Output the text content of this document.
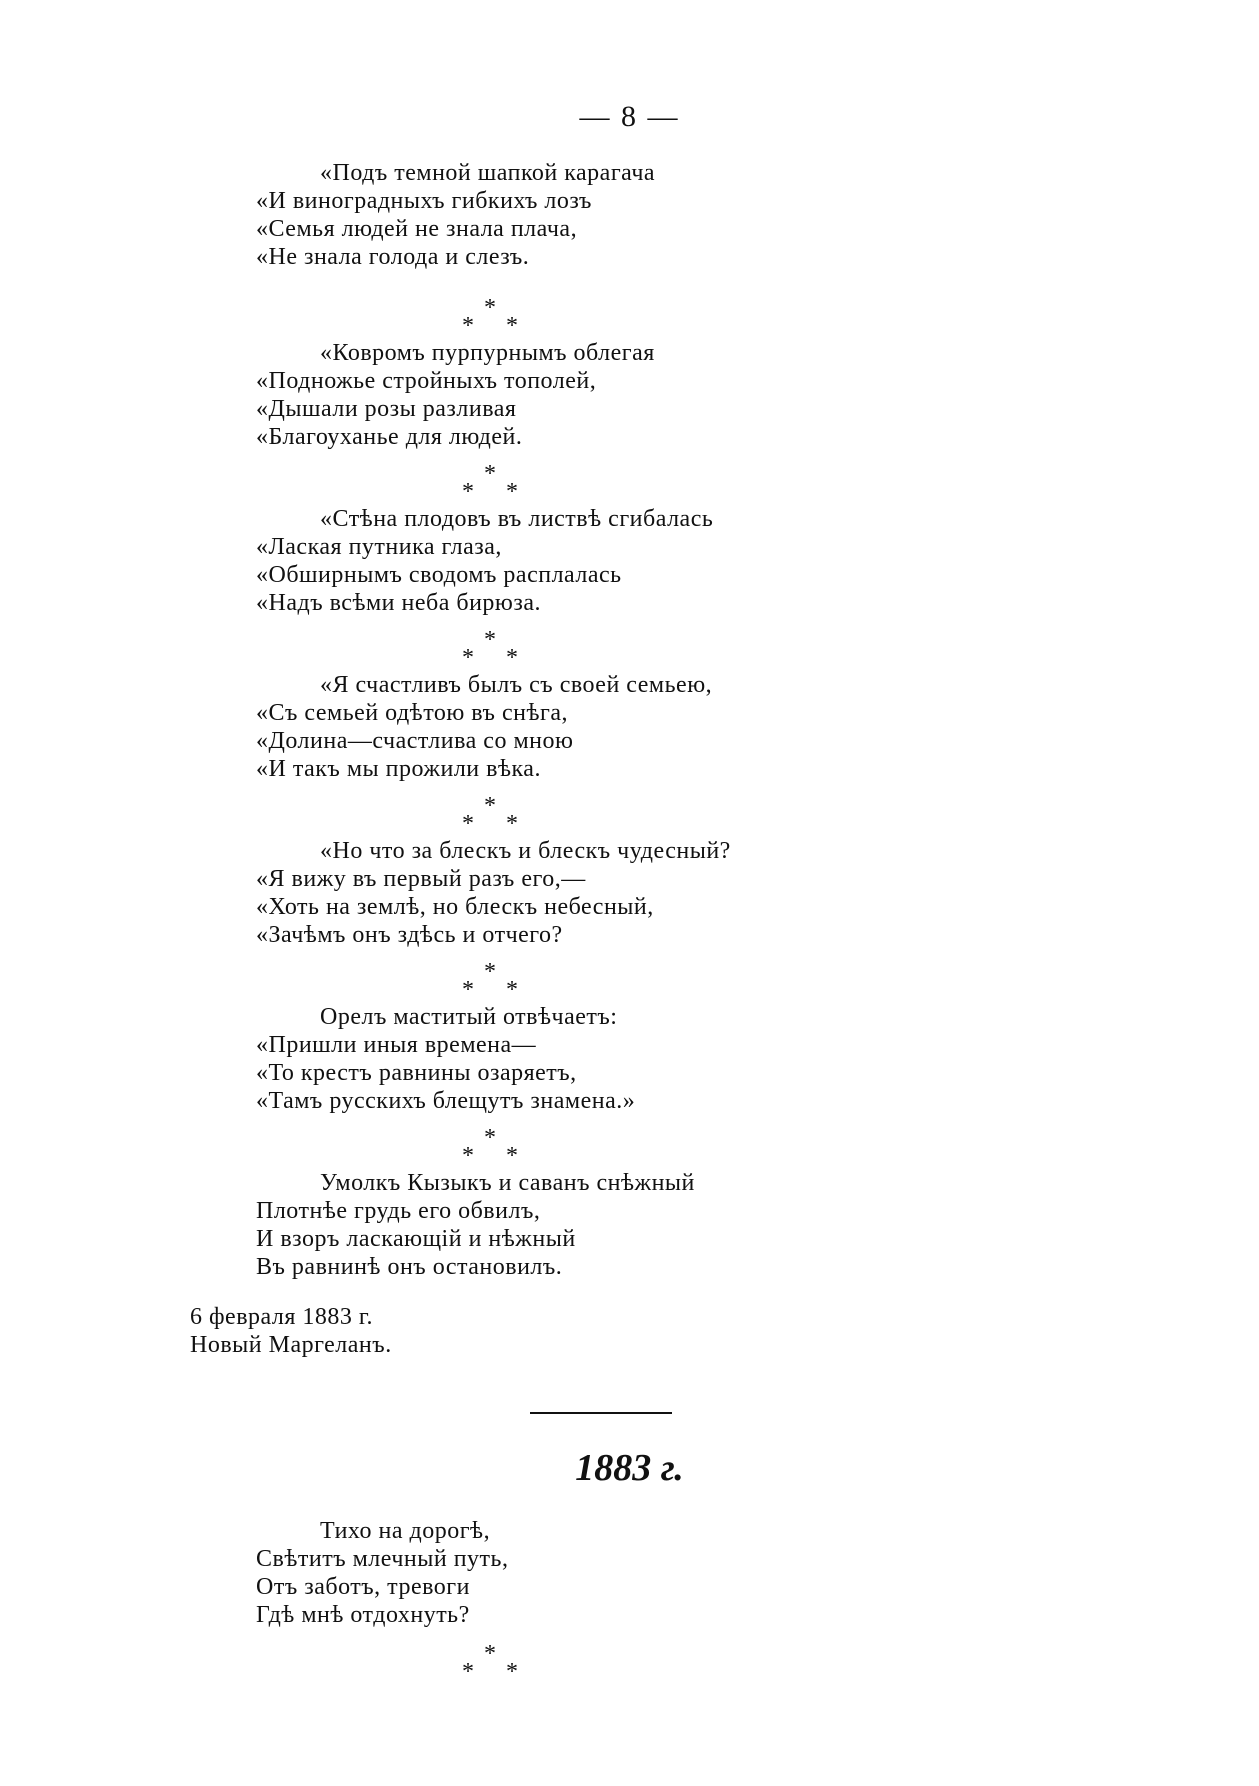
— 8 —
«Подъ темной шапкой карагача
«И виноградныхъ гибкихъ лозъ
«Семья людей не знала плача,
«Не знала голода и слезъ.
*
* *
«Ковромъ пурпурнымъ облегая
«Подножье стройныхъ тополей,
«Дышали розы разливая
«Благоуханье для людей.
*
* *
«Стѣна плодовъ въ листвѣ сгибалась
«Лаская путника глаза,
«Обширнымъ сводомъ расплалась
«Надъ всѣми неба бирюза.
*
* *
«Я счастливъ былъ съ своей семьею,
«Съ семьей одѣтою въ снѣга,
«Долина—счастлива со мною
«И такъ мы прожили вѣка.
*
* *
«Но что за блескъ и блескъ чудесный?
«Я вижу въ первый разъ его,—
«Хоть на землѣ, но блескъ небесный,
«Зачѣмъ онъ здѣсь и отчего?
*
* *
Орелъ маститый отвѣчаетъ:
«Пришли иныя времена—
«То крестъ равнины озаряетъ,
«Тамъ русскихъ блещутъ знамена.»
*
* *
Умолкъ Кызыкъ и саванъ снѣжный
Плотнѣе грудь его обвилъ,
И взоръ ласкающій и нѣжный
Въ равнинѣ онъ остановилъ.
6 февраля 1883 г.
Новый Маргеланъ.
1883 г.
Тихо на дорогѣ,
Свѣтитъ млечный путь,
Отъ заботъ, тревоги
Гдѣ мнѣ отдохнуть?
*
* *
